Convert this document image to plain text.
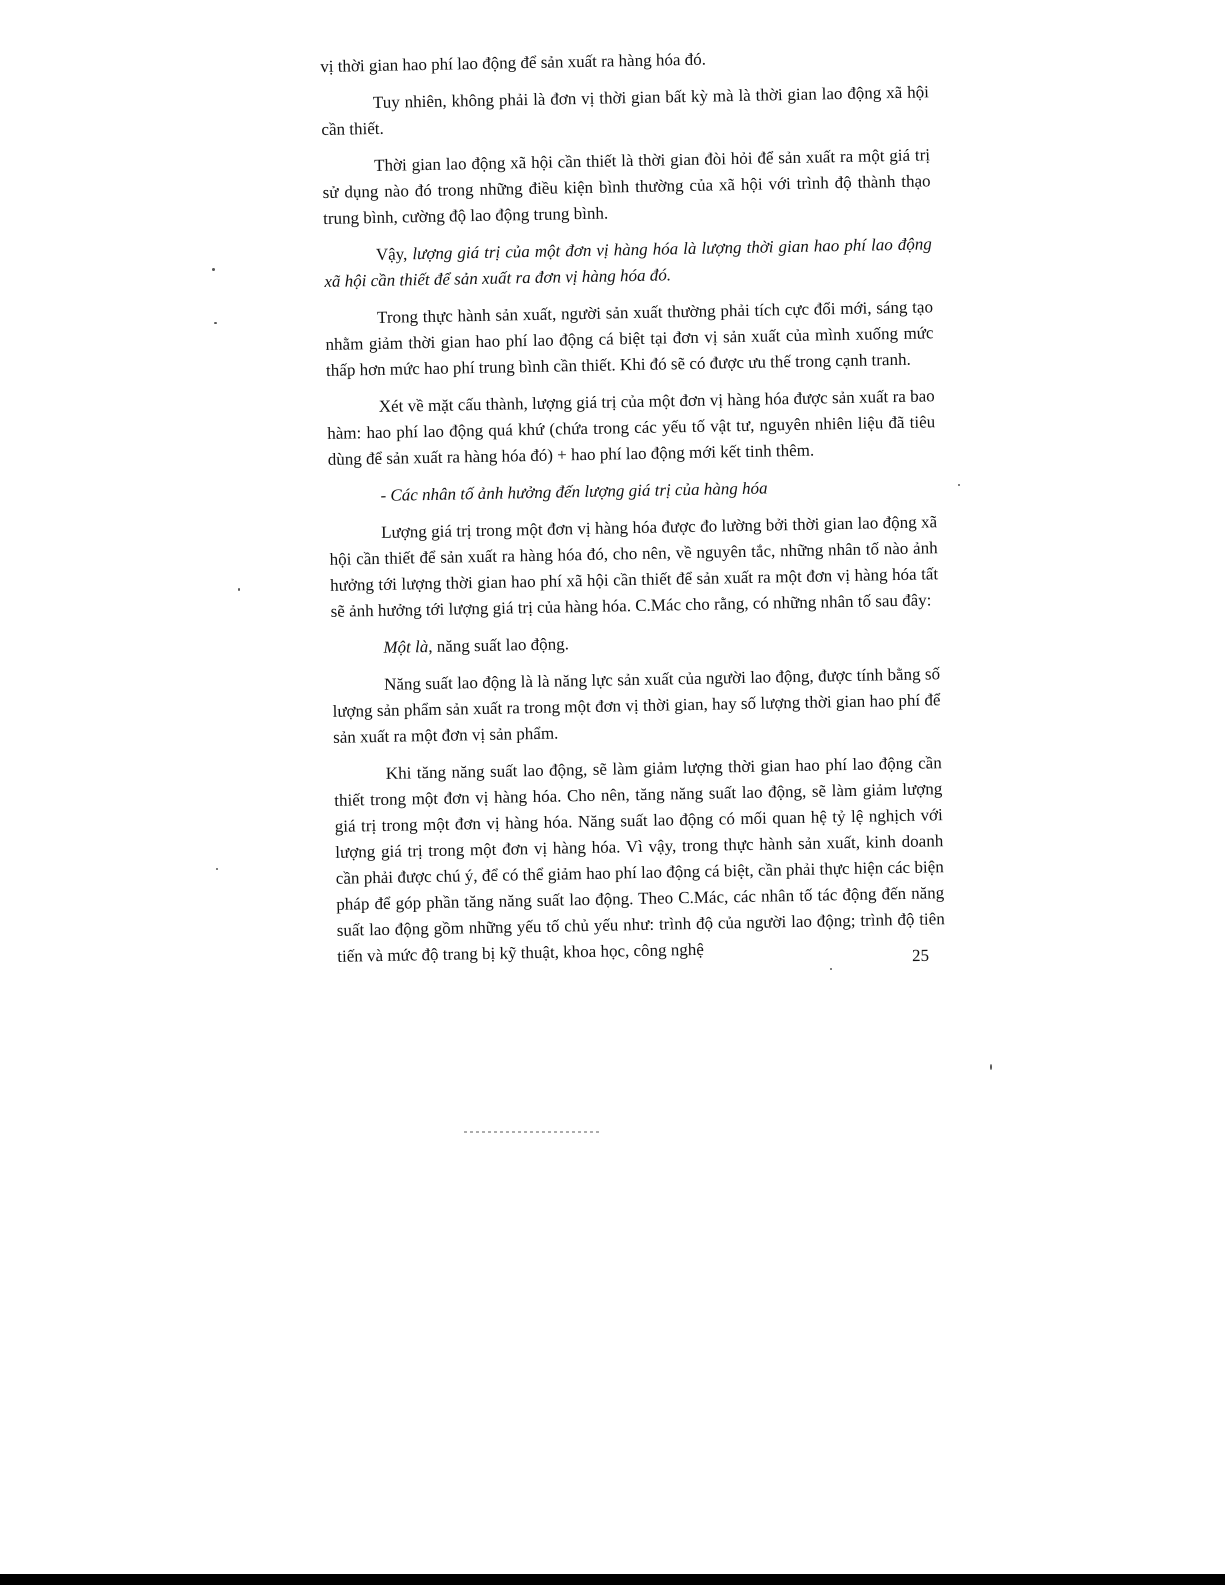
vị thời gian hao phí lao động để sản xuất ra hàng hóa đó.

Tuy nhiên, không phải là đơn vị thời gian bất kỳ mà là thời gian lao động xã hội cần thiết.

Thời gian lao động xã hội cần thiết là thời gian đòi hỏi để sản xuất ra một giá trị sử dụng nào đó trong những điều kiện bình thường của xã hội với trình độ thành thạo trung bình, cường độ lao động trung bình.

Vậy, lượng giá trị của một đơn vị hàng hóa là lượng thời gian hao phí lao động xã hội cần thiết để sản xuất ra đơn vị hàng hóa đó.

Trong thực hành sản xuất, người sản xuất thường phải tích cực đổi mới, sáng tạo nhằm giảm thời gian hao phí lao động cá biệt tại đơn vị sản xuất của mình xuống mức thấp hơn mức hao phí trung bình cần thiết. Khi đó sẽ có được ưu thế trong cạnh tranh.

Xét về mặt cấu thành, lượng giá trị của một đơn vị hàng hóa được sản xuất ra bao hàm: hao phí lao động quá khứ (chứa trong các yếu tố vật tư, nguyên nhiên liệu đã tiêu dùng để sản xuất ra hàng hóa đó) + hao phí lao động mới kết tinh thêm.

- Các nhân tố ảnh hưởng đến lượng giá trị của hàng hóa

Lượng giá trị trong một đơn vị hàng hóa được đo lường bởi thời gian lao động xã hội cần thiết để sản xuất ra hàng hóa đó, cho nên, về nguyên tắc, những nhân tố nào ảnh hưởng tới lượng thời gian hao phí xã hội cần thiết để sản xuất ra một đơn vị hàng hóa tất sẽ ảnh hưởng tới lượng giá trị của hàng hóa. C.Mác cho rằng, có những nhân tố sau đây:

Một là, năng suất lao động.

Năng suất lao động là là năng lực sản xuất của người lao động, được tính bằng số lượng sản phẩm sản xuất ra trong một đơn vị thời gian, hay số lượng thời gian hao phí để sản xuất ra một đơn vị sản phẩm.

Khi tăng năng suất lao động, sẽ làm giảm lượng thời gian hao phí lao động cần thiết trong một đơn vị hàng hóa. Cho nên, tăng năng suất lao động, sẽ làm giảm lượng giá trị trong một đơn vị hàng hóa. Năng suất lao động có mối quan hệ tỷ lệ nghịch với lượng giá trị trong một đơn vị hàng hóa. Vì vậy, trong thực hành sản xuất, kinh doanh cần phải được chú ý, để có thể giảm hao phí lao động cá biệt, cần phải thực hiện các biện pháp để góp phần tăng năng suất lao động. Theo C.Mác, các nhân tố tác động đến năng suất lao động gồm những yếu tố chủ yếu như: trình độ của người lao động; trình độ tiên tiến và mức độ trang bị kỹ thuật, khoa học, công nghệ	25
